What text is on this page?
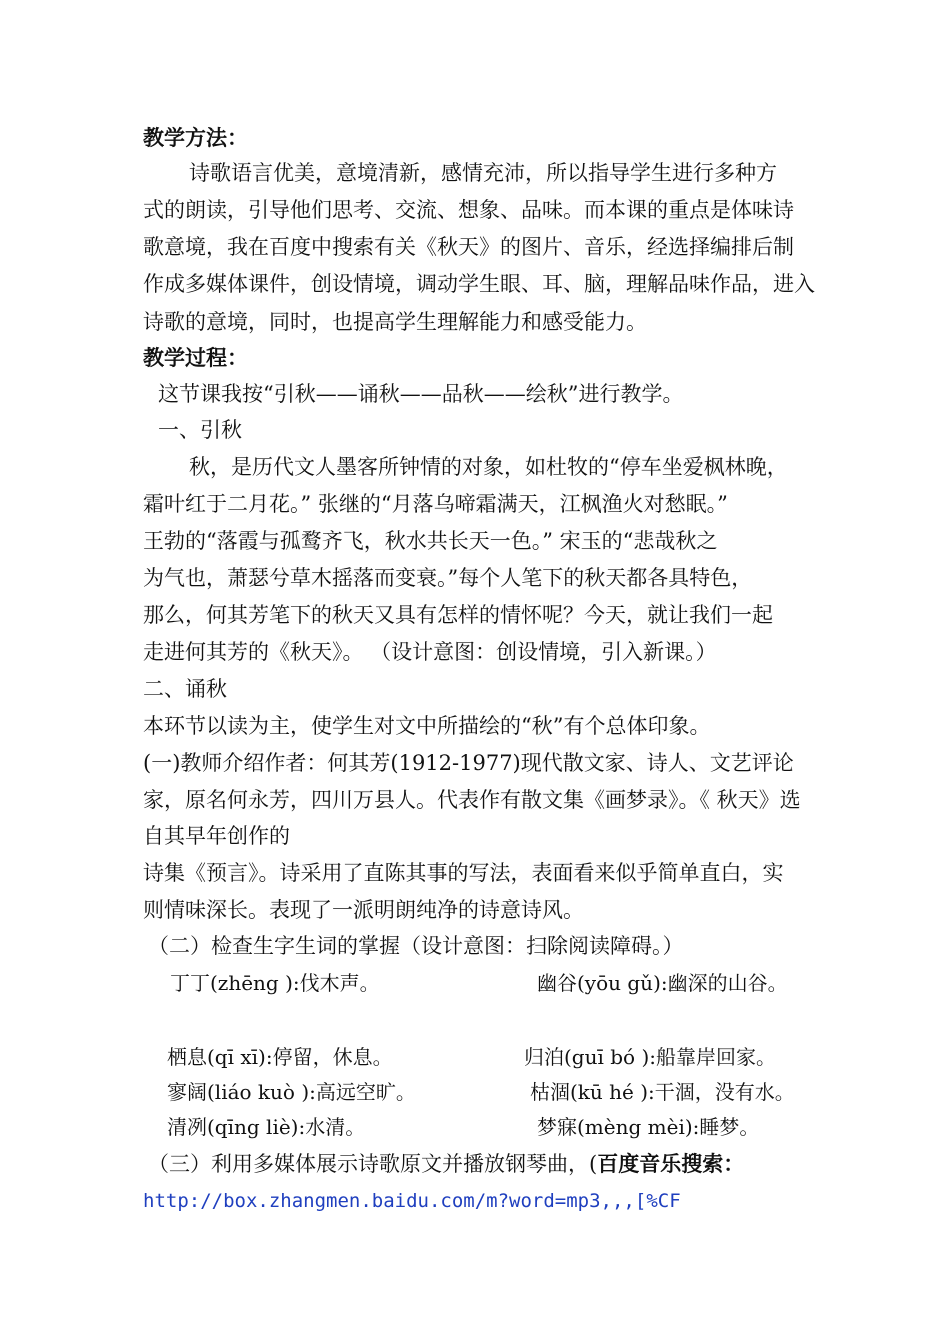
教学方法：
诗歌语言优美，意境清新，感情充沛，所以指导学生进行多种方
式的朗读，引导他们思考、交流、想象、品味。而本课的重点是体味诗
歌意境，我在百度中搜索有关《秋天》的图片、音乐，经选择编排后制
作成多媒体课件，创设情境，调动学生眼、耳、脑，理解品味作品，进入
诗歌的意境，同时，也提高学生理解能力和感受能力。
教学过程：
这节课我按“引秋——诵秋——品秋——绘秋”进行教学。
一、引秋
秋，是历代文人墨客所钟情的对象，如杜牧的“停车坐爱枫林晚，
霜叶红于二月花。” 张继的“月落乌啼霜满天，江枫渔火对愁眠。”
王勃的“落霞与孤鹜齐飞，秋水共长天一色。” 宋玉的“悲哉秋之
为气也，萧瑟兮草木摇落而变衰。”每个人笔下的秋天都各具特色，
那么，何其芳笔下的秋天又具有怎样的情怀呢？今天，就让我们一起
走进何其芳的《秋天》。 （设计意图：创设情境，引入新课。）
二、诵秋
本环节以读为主，使学生对文中所描绘的“秋”有个总体印象。
(一)教师介绍作者：何其芳(1912-1977)现代散文家、诗人、文艺评论
家，原名何永芳，四川万县人。代表作有散文集《画梦录》。《 秋天》选
自其早年创作的
诗集《预言》。诗采用了直陈其事的写法，表面看来似乎简单直白，实
则情味深长。表现了一派明朗纯净的诗意诗风。
（二）检查生字生词的掌握（设计意图：扫除阅读障碍。）
丁丁(zhēng ):伐木声。	幽谷(yōu gǔ):幽深的山谷。
栖息(qī xī):停留，休息。	归泊(guī bó ):船靠岸回家。
寥阔(liáo kuò ):高远空旷。	枯涸(kū hé ):干涸，没有水。
清冽(qīng liè):水清。	梦寐(mèng mèi):睡梦。
（三）利用多媒体展示诗歌原文并播放钢琴曲，(百度音乐搜索：
http://box.zhangmen.baidu.com/m?word=mp3,,,[%CF
